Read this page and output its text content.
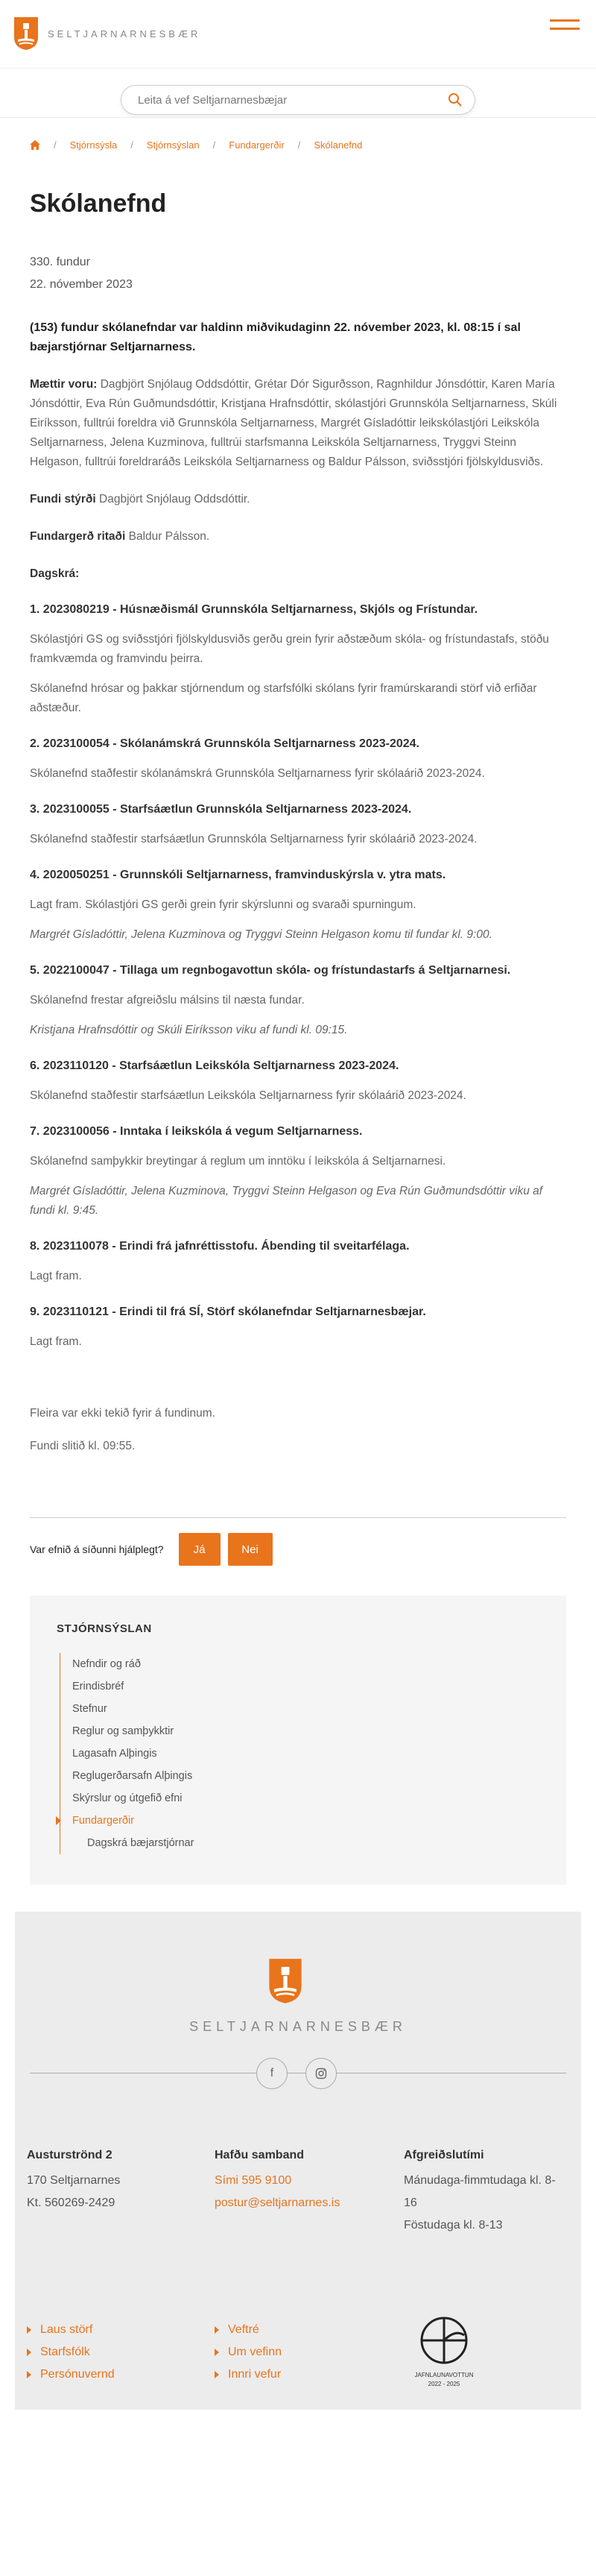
SELTJARNARNESBÆR
Leita á vef Seltjarnarnesbæjar
/ Stjórnsýsla / Stjórnsýslan / Fundargerðir / Skólanefnd
Skólanefnd
330. fundur
22. nóvember 2023
(153) fundur skólanefndar var haldinn miðvikudaginn 22. nóvember 2023, kl. 08:15 í sal bæjarstjórnar Seltjarnarness.
Mættir voru: Dagbjört Snjólaug Oddsdóttir, Grétar Dór Sigurðsson, Ragnhildur Jónsdóttir, Karen María Jónsdóttir, Eva Rún Guðmundsdóttir, Kristjana Hrafnsdóttir, skólastjóri Grunnskóla Seltjarnarness, Skúli Eiríksson, fulltrúi foreldra við Grunnskóla Seltjarnarness, Margrét Gísladóttir leikskólastjóri Leikskóla Seltjarnarness, Jelena Kuzminova, fulltrúi starfsmanna Leikskóla Seltjarnarness, Tryggvi Steinn Helgason, fulltrúi foreldraráðs Leikskóla Seltjarnarness og Baldur Pálsson, sviðsstjóri fjölskyldusviðs.
Fundi stýrði Dagbjört Snjólaug Oddsdóttir.
Fundargerð ritaði Baldur Pálsson.
Dagskrá:
1. 2023080219 - Húsnæðismál Grunnskóla Seltjarnarness, Skjóls og Frístundar.
Skólastjóri GS og sviðsstjóri fjölskyldusviðs gerðu grein fyrir aðstæðum skóla- og frístundastafs, stöðu framkvæmda og framvindu þeirra.
Skólanefnd hrósar og þakkar stjórnendum og starfsfólki skólans fyrir framúrskarandi störf við erfiðar aðstæður.
2. 2023100054 - Skólanámskrá Grunnskóla Seltjarnarness 2023-2024.
Skólanefnd staðfestir skólanámskrá Grunnskóla Seltjarnarness fyrir skólaárið 2023-2024.
3. 2023100055 - Starfsáætlun Grunnskóla Seltjarnarness 2023-2024.
Skólanefnd staðfestir starfsáætlun Grunnskóla Seltjarnarness fyrir skólaárið 2023-2024.
4. 2020050251 - Grunnskóli Seltjarnarness, framvinduskýrsla v. ytra mats.
Lagt fram. Skólastjóri GS gerði grein fyrir skýrslunni og svaraði spurningum.
Margrét Gísladóttir, Jelena Kuzminova og Tryggvi Steinn Helgason komu til fundar kl. 9:00.
5. 2022100047 - Tillaga um regnbogavottun skóla- og frístundastarfs á Seltjarnarnesi.
Skólanefnd frestar afgreiðslu málsins til næsta fundar.
Kristjana Hrafnsdóttir og Skúli Eiríksson viku af fundi kl. 09:15.
6. 2023110120 - Starfsáætlun Leikskóla Seltjarnarness 2023-2024.
Skólanefnd staðfestir starfsáætlun Leikskóla Seltjarnarness fyrir skólaárið 2023-2024.
7. 2023100056 - Inntaka í leikskóla á vegum Seltjarnarness.
Skólanefnd samþykkir breytingar á reglum um inntöku í leikskóla á Seltjarnarnesi.
Margrét Gísladóttir, Jelena Kuzminova, Tryggvi Steinn Helgason og Eva Rún Guðmundsdóttir viku af fundi kl. 9:45.
8. 2023110078 - Erindi frá jafnréttisstofu. Ábending til sveitarfélaga.
Lagt fram.
9. 2023110121 - Erindi til frá SÍ, Störf skólanefndar Seltjarnarnesbæjar.
Lagt fram.
Fleira var ekki tekið fyrir á fundinum.
Fundi slitið kl. 09:55.
Var efnið á síðunni hjálplegt?	Já	Nei
STJÓRNSÝSLAN
Nefndir og ráð
Erindisbréf
Stefnur
Reglur og samþykktir
Lagasafn Alþingis
Reglugerðarsafn Alþingis
Skýrslur og útgefið efni
Fundargerðir
Dagskrá bæjarstjórnar
SELTJARNARNESBÆR
f
Austurströnd 2
170 Seltjarnarnes
Kt. 560269-2429
Hafðu samband
Sími 595 9100
postur@seltjarnarnes.is
Afgreiðslutími
Mánudaga-fimmtudaga kl. 8-16
Föstudaga kl. 8-13
Laus störf
Starfsfólk
Persónuvernd
Veftré
Um vefinn
Innri vefur	JAFNLAUNAVOTTUN
2022 - 2025
